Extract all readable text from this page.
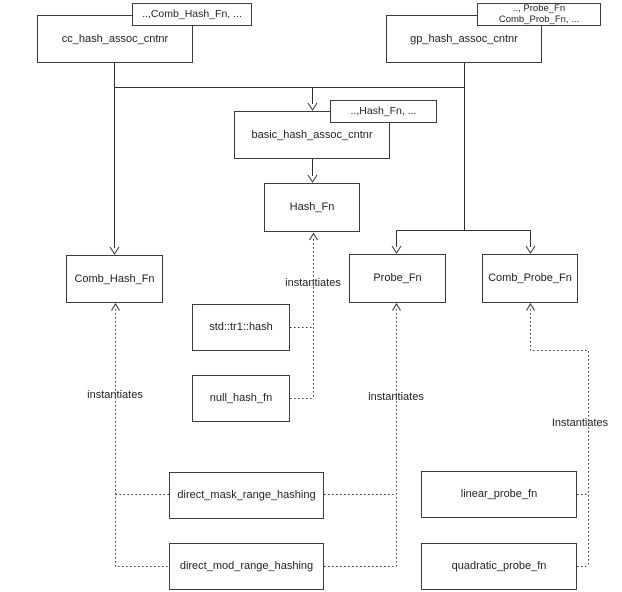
..,Comb_Hash_Fn, ...
cc_hash_assoc_cntnr
.., Probe_Fn
Comb_Prob_Fn, ...
gp_hash_assoc_cntnr
..,Hash_Fn, ...
basic_hash_assoc_cntnr
Hash_Fn
Comb_Hash_Fn	Probe_Fn	Comb_Probe_Fn
std::tr1::hash
null_hash_fn
direct_mask_range_hashing
direct_mod_range_hashing
linear_probe_fn
quadratic_probe_fn
instantiates
instantiates	instantiates
Instantiates
